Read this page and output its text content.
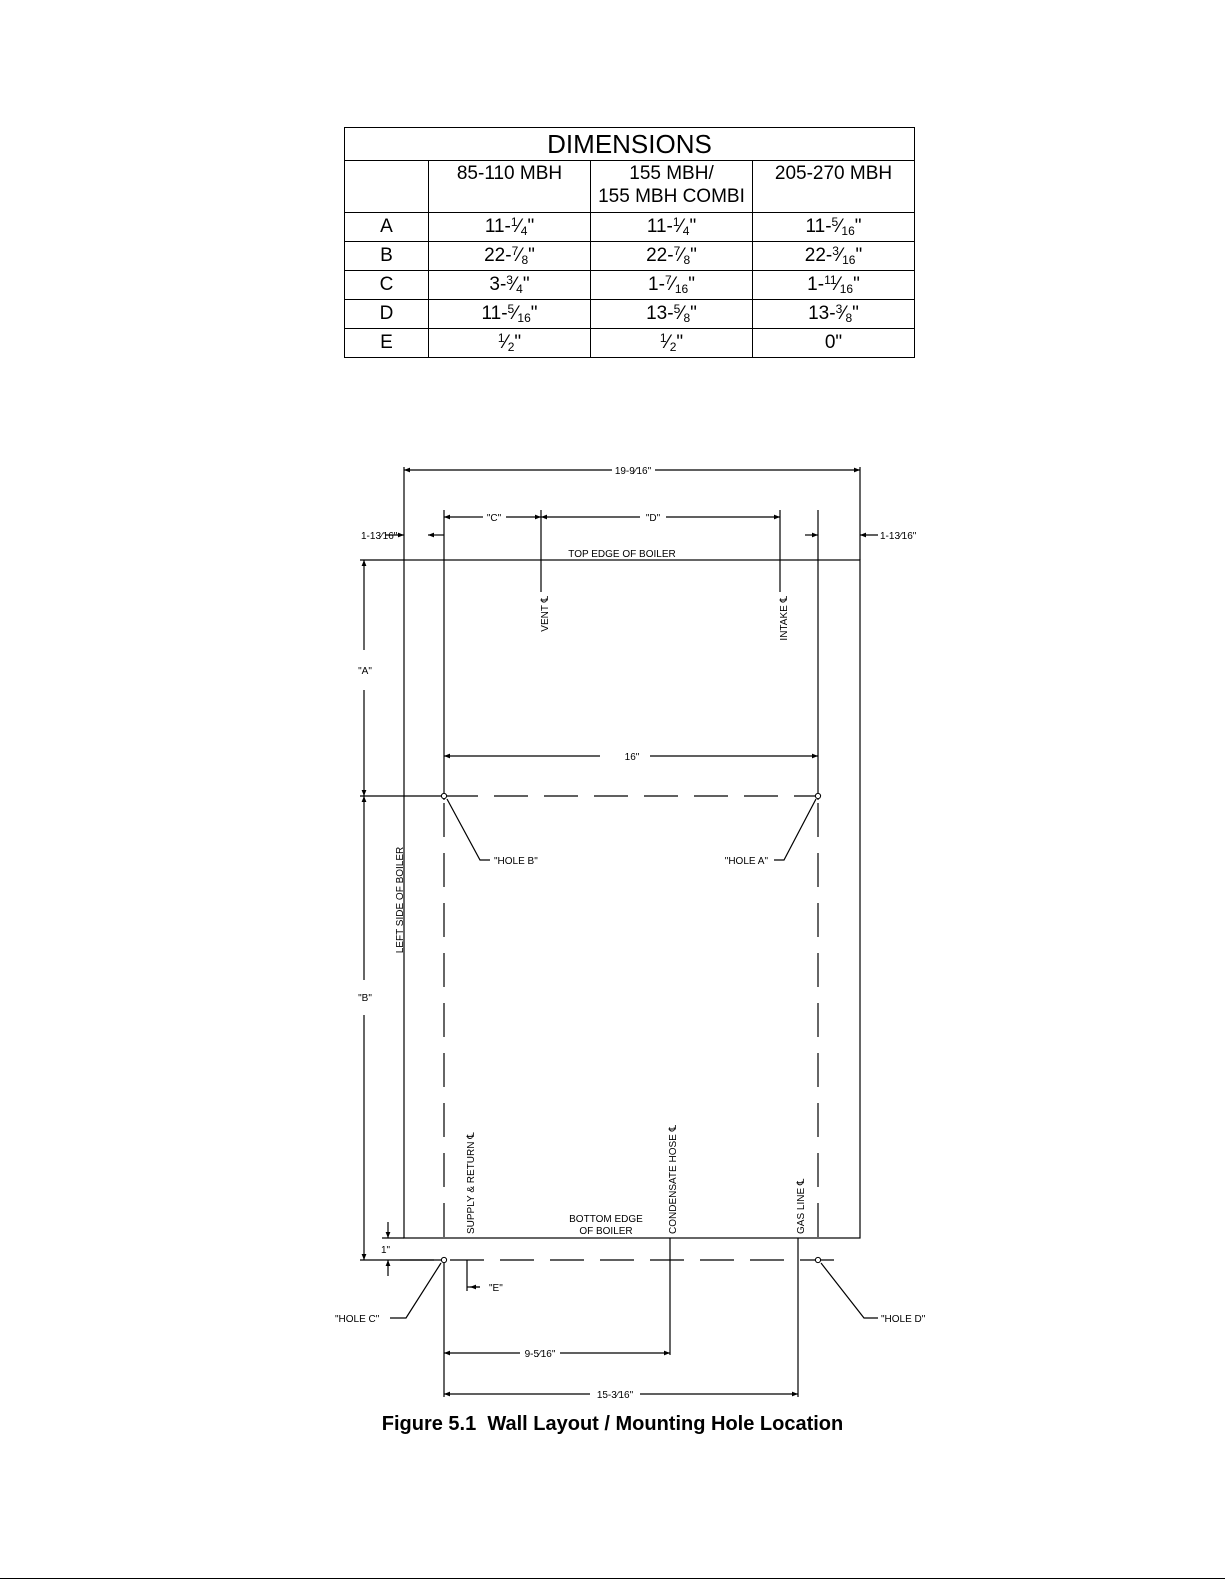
DIMENSIONS			
	85-110 MBH	155 MBH/
155 MBH COMBI	205-270 MBH
A	$11-^1⁄_4$"	$11-^1⁄_4$"	$11-^5⁄_{16}$"
B	$22-^7⁄_8$"	$22-^7⁄_8$"	$22-^3⁄_{16}$"
C	$3-^3⁄_4$"	$1-^7⁄_{16}$"	$1-^{11}⁄_{16}$"
D	$11-^5⁄_{16}$"	$13-^5⁄_8$"	$13-^3⁄_8$"
E	$^1⁄_2$"	$^1⁄_2$"	0"
19-9⁄16"
"C"	"D"
1-13⁄16"	1-13⁄16"
TOP EDGE OF BOILER
VENT ℄	INTAKE ℄
"A"
"B"
16"
"HOLE B"	"HOLE A"
LEFT SIDE OF BOILER
SUPPLY & RETURN ℄	CONDENSATE HOSE ℄	GAS LINE ℄
BOTTOM EDGE
OF BOILER
1"
"E"
"HOLE C"	"HOLE D"
9-5⁄16"
15-3⁄16"
Figure 5.1  Wall Layout / Mounting Hole Location
